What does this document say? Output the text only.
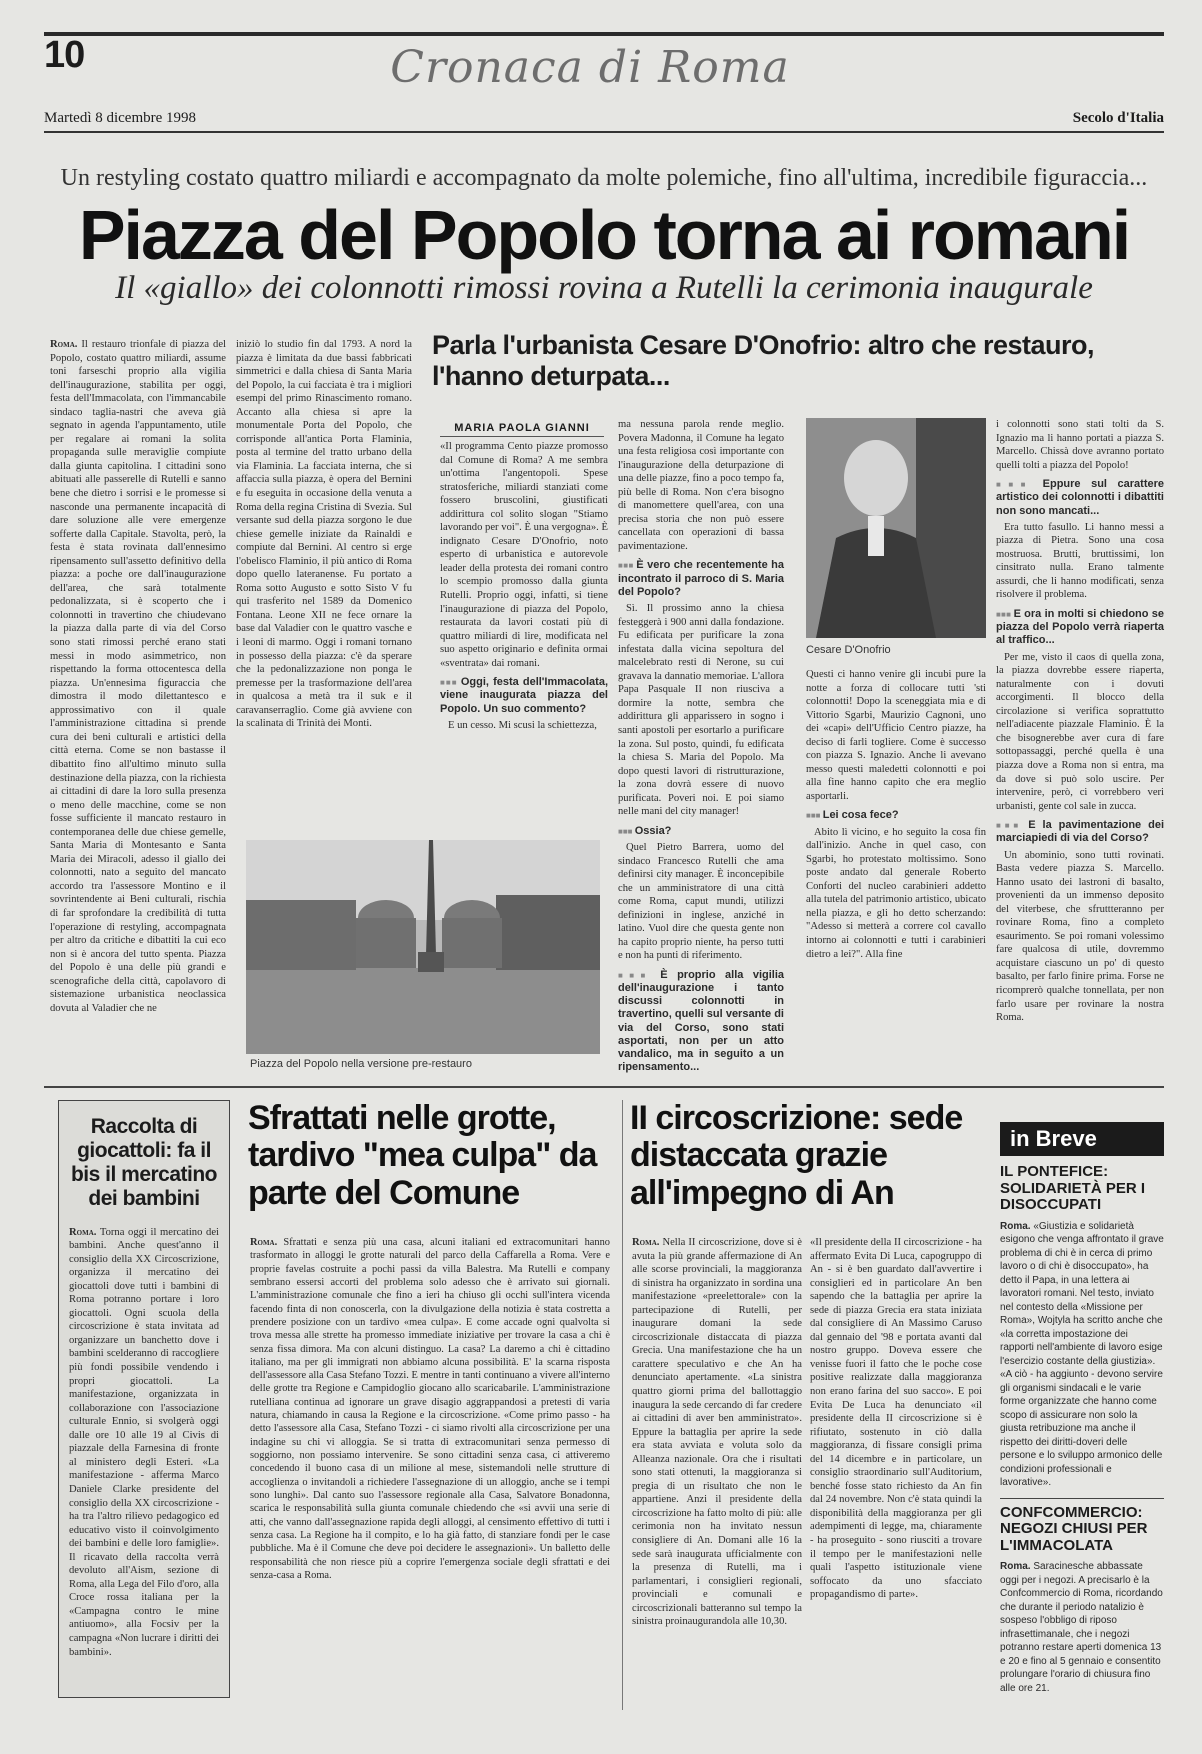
10	Cronaca di Roma
Martedì 8 dicembre 1998	Secolo d'Italia
Un restyling costato quattro miliardi e accompagnato da molte polemiche, fino all'ultima, incredibile figuraccia...
Piazza del Popolo torna ai romani
Il «giallo» dei colonnotti rimossi rovina a Rutelli la cerimonia inaugurale

Roma. Il restauro trionfale di piazza del Popolo, costato quattro miliardi, assume toni farseschi proprio alla vigilia dell'inaugurazione, stabilita per oggi, festa dell'Immacolata, con l'immancabile sindaco taglia-nastri che aveva già segnato in agenda l'appuntamento, utile per regalare ai romani la solita propaganda sulle meraviglie compiute dalla giunta capitolina. I cittadini sono abituati alle passerelle di Rutelli e sanno bene che dietro i sorrisi e le promesse si nasconde una permanente incapacità di dare soluzione alle vere emergenze sofferte dalla Capitale. Stavolta, però, la festa è stata rovinata dall'ennesimo ripensamento sull'assetto definitivo della piazza: a poche ore dall'inaugurazione dell'area, che sarà totalmente pedonalizzata, si è scoperto che i colonnotti in travertino che chiudevano la piazza dalla parte di via del Corso sono stati rimossi perché erano stati messi in modo asimmetrico, non rispettando la forma ottocentesca della piazza. Un'ennesima figuraccia che dimostra il modo dilettantesco e approssimativo con il quale l'amministrazione cittadina si prende cura dei beni culturali e artistici della città eterna. Come se non bastasse il dibattito fino all'ultimo minuto sulla destinazione della piazza, con la richiesta ai cittadini di dare la loro sulla presenza o meno delle macchine, come se non fosse sufficiente il mancato restauro in contemporanea delle due chiese gemelle, Santa Maria di Montesanto e Santa Maria dei Miracoli, adesso il giallo dei colonnotti, nato a seguito del mancato accordo tra l'assessore Montino e il sovrintendente ai Beni culturali, rischia di far sprofondare la credibilità di tutta l'operazione di restyling, accompagnata per altro da critiche e dibattiti la cui eco non si è ancora del tutto spenta. Piazza del Popolo è una delle più grandi e scenografiche della città, capolavoro di sistemazione urbanistica neoclassica dovuta al Valadier che ne

iniziò lo studio fin dal 1793. A nord la piazza è limitata da due bassi fabbricati simmetrici e dalla chiesa di Santa Maria del Popolo, la cui facciata è tra i migliori esempi del primo Rinascimento romano. Accanto alla chiesa si apre la monumentale Porta del Popolo, che corrisponde all'antica Porta Flaminia, posta al termine del tratto urbano della via Flaminia. La facciata interna, che si affaccia sulla piazza, è opera del Bernini e fu eseguita in occasione della venuta a Roma della regina Cristina di Svezia. Sul versante sud della piazza sorgono le due chiese gemelle iniziate da Rainaldi e compiute dal Bernini. Al centro si erge l'obelisco Flaminio, il più antico di Roma dopo quello lateranense. Fu portato a Roma sotto Augusto e sotto Sisto V fu qui trasferito nel 1589 da Domenico Fontana. Leone XII ne fece ornare la base dal Valadier con le quattro vasche e i leoni di marmo. Oggi i romani tornano in possesso della piazza: c'è da sperare che la pedonalizzazione non ponga le premesse per la trasformazione dell'area in qualcosa a metà tra il suk e il caravanserraglio. Come già avviene con la scalinata di Trinità dei Monti.

Piazza del Popolo nella versione pre-restauro
Parla l'urbanista Cesare D'Onofrio: altro che restauro, l'hanno deturpata...
MARIA PAOLA GIANNI

«Il programma Cento piazze promosso dal Comune di Roma? A me sembra un'ottima l'angentopoli. Spese stratosferiche, miliardi stanziati come fossero bruscolini, giustificati addirittura col solito slogan "Stiamo lavorando per voi". È una vergogna». È indignato Cesare D'Onofrio, noto esperto di urbanistica e autorevole leader della protesta dei romani contro lo scempio promosso dalla giunta Rutelli. Proprio oggi, infatti, si tiene l'inaugurazione di piazza del Popolo, restaurata da lavori costati più di quattro miliardi di lire, modificata nel suo aspetto originario e definita ormai «sventrata» dai romani.

■■■ Oggi, festa dell'Immacolata, viene inaugurata piazza del Popolo. Un suo commento?

E un cesso. Mi scusi la schiettezza,

ma nessuna parola rende meglio. Povera Madonna, il Comune ha legato una festa religiosa così importante con l'inaugurazione della deturpazione di una delle piazze, fino a poco tempo fa, più belle di Roma. Non c'era bisogno di manomettere quell'area, con una precisa storia che non può essere cancellata con operazioni di bassa pavimentazione.

■■■ È vero che recentemente ha incontrato il parroco di S. Maria del Popolo?

Sì. Il prossimo anno la chiesa festeggerà i 900 anni dalla fondazione. Fu edificata per purificare la zona infestata dalla vicina sepoltura del malcelebrato resti di Nerone, su cui gravava la dannatio memoriae. L'allora Papa Pasquale II non riusciva a dormire la notte, sembra che addirittura gli apparissero in sogno i santi apostoli per esortarlo a purificare la zona. Sul posto, quindi, fu edificata la chiesa S. Maria del Popolo. Ma dopo questi lavori di ristrutturazione, la zona dovrà essere di nuovo purificata. Poveri noi. E poi siamo nelle mani del city manager!

■■■ Ossia?

Quel Pietro Barrera, uomo del sindaco Francesco Rutelli che ama definirsi city manager. È inconcepibile che un amministratore di una città come Roma, caput mundi, utilizzi definizioni in inglese, anziché in latino. Vuol dire che questa gente non ha capito proprio niente, ha perso tutti e non ha punti di riferimento.

■■■ È proprio alla vigilia dell'inaugurazione i tanto discussi colonnotti in travertino, quelli sul versante di via del Corso, sono stati asportati, non per un atto vandalico, ma in seguito a un ripensamento...
Cesare D'Onofrio

Questi ci hanno venire gli incubi pure la notte a forza di collocare tutti 'sti colonnotti! Dopo la sceneggiata mia e di Vittorio Sgarbi, Maurizio Cagnoni, uno dei «capi» dell'Ufficio Centro piazze, ha deciso di farli togliere. Come è successo con piazza S. Ignazio. Anche li avevano messo questi maledetti colonnotti e poi alla fine hanno capito che era meglio asportarli.

■■■ Lei cosa fece?

Abito lì vicino, e ho seguito la cosa fin dall'inizio. Anche in quel caso, con Sgarbi, ho protestato moltissimo. Sono poste andato dal generale Roberto Conforti del nucleo carabinieri addetto alla tutela del patrimonio artistico, ubicato nella piazza, e gli ho detto scherzando: "Adesso si metterà a correre col cavallo intorno ai colonnotti e tutti i carabinieri dietro a lei?". Alla fine

i colonnotti sono stati tolti da S. Ignazio ma li hanno portati a piazza S. Marcello. Chissà dove avranno portato quelli tolti a piazza del Popolo!

■■■ Eppure sul carattere artistico dei colonnotti i dibattiti non sono mancati...

Era tutto fasullo. Li hanno messi a piazza di Pietra. Sono una cosa mostruosa. Brutti, bruttissimi, lon cinsitrato nulla. Erano talmente assurdi, che li hanno modificati, senza risolvere il problema.

■■■ E ora in molti si chiedono se piazza del Popolo verrà riaperta al traffico...

Per me, visto il caos di quella zona, la piazza dovrebbe essere riaperta, naturalmente con i dovuti accorgimenti. Il blocco della circolazione si verifica soprattutto nell'adiacente piazzale Flaminio. È la che bisognerebbe aver cura di fare sottopassaggi, perché quella è una piazza dove a Roma non si entra, ma da dove si può solo uscire. Per intervenire, però, ci vorrebbero veri urbanisti, gente col sale in zucca.

■■■ E la pavimentazione dei marciapiedi di via del Corso?

Un abominio, sono tutti rovinati. Basta vedere piazza S. Marcello. Hanno usato dei lastroni di basalto, provenienti da un immenso deposito del viterbese, che sfruttteranno per rovinare Roma, fino a completo esaurimento. Se poi romani volessimo fare qualcosa di utile, dovremmo acquistare ciascuno un po' di questo basalto, per farlo finire prima. Forse ne ricomprerò qualche tonnellata, per non farlo usare per rovinare la nostra Roma.

Raccolta di giocattoli: fa il bis il mercatino dei bambini

Roma. Torna oggi il mercatino dei bambini. Anche quest'anno il consiglio della XX Circoscrizione, organizza il mercatino dei giocattoli dove tutti i bambini di Roma potranno portare i loro giocattoli. Ogni scuola della circoscrizione è stata invitata ad organizzare un banchetto dove i bambini scelderanno di raccogliere più fondi possibile vendendo i propri giocattoli. La manifestazione, organizzata in collaborazione con l'associazione culturale Ennio, si svolgerà oggi dalle ore 10 alle 19 al Civis di piazzale della Farnesina di fronte al ministero degli Esteri. «La manifestazione - afferma Marco Daniele Clarke presidente del consiglio della XX circoscrizione - ha tra l'altro rilievo pedagogico ed educativo visto il coinvolgimento dei bambini e delle loro famiglie». Il ricavato della raccolta verrà devoluto all'Aism, sezione di Roma, alla Lega del Filo d'oro, alla Croce rossa italiana per la «Campagna contro le mine antiuomo», alla Focsiv per la campagna «Non lucrare i diritti dei bambini».

Sfrattati nelle grotte, tardivo "mea culpa" da parte del Comune

Roma. Sfrattati e senza più una casa, alcuni italiani ed extracomunitari hanno trasformato in alloggi le grotte naturali del parco della Caffarella a Roma. Vere e proprie favelas costruite a pochi passi da villa Balestra. Ma Rutelli e company sembrano essersi accorti del problema solo adesso che è arrivato sui giornali. L'amministrazione comunale che fino a ieri ha chiuso gli occhi sull'intera vicenda facendo finta di non conoscerla, con la divulgazione della notizia è stata costretta a prendere posizione con un tardivo «mea culpa». E come accade ogni qualvolta si trova messa alle strette ha promesso immediate iniziative per trovare la casa a chi è senza fissa dimora. Ma con alcuni distinguo. La casa? La daremo a chi è cittadino italiano, ma per gli immigrati non abbiamo alcuna possibilità. E' la scarna risposta dell'assessore alla Casa Stefano Tozzi. E mentre in tanti continuano a vivere all'interno delle grotte tra Regione e Campidoglio giocano allo scaricabarile. L'amministrazione rutelliana continua ad ignorare un grave disagio aggrappandosi a pretesti di varia natura, chiamando in causa la Regione e la circoscrizione. «Come primo passo - ha detto l'assessore alla Casa, Stefano Tozzi - ci siamo rivolti alla circoscrizione per una indagine su chi vi alloggia. Se si tratta di extracomunitari senza permesso di soggiorno, non possiamo intervenire. Se sono cittadini senza casa, ci attiveremo concedendo il buono casa di un milione al mese, sistemandoli nelle strutture di accoglienza o invitandoli a richiedere l'assegnazione di un alloggio, anche se i tempi sono lunghi». Dal canto suo l'assessore regionale alla Casa, Salvatore Bonadonna, scarica le responsabilità sulla giunta comunale chiedendo che «si avvii una serie di atti, che vanno dall'assegnazione rapida degli alloggi, al censimento effettivo di tutti i senza casa. La Regione ha il compito, e lo ha già fatto, di stanziare fondi per le case pubbliche. Ma è il Comune che deve poi decidere le assegnazioni». Un balletto delle responsabilità che non riesce più a coprire l'emergenza sociale degli sfrattati e dei senza-casa a Roma.

II circoscrizione: sede distaccata grazie all'impegno di An

Roma. Nella II circoscrizione, dove si è avuta la più grande affermazione di An alle scorse provinciali, la maggioranza di sinistra ha organizzato in sordina una manifestazione «preelettorale» con la partecipazione di Rutelli, per inaugurare domani la sede circoscrizionale distaccata di piazza Grecia. Una manifestazione che ha un carattere speculativo e che An ha denunciato apertamente. «La sinistra quattro giorni prima del ballottaggio inaugura la sede cercando di far credere ai cittadini di aver ben amministrato». Eppure la battaglia per aprire la sede era stata avviata e voluta solo da Alleanza nazionale. Ora che i risultati sono stati ottenuti, la maggioranza si pregia di un risultato che non le appartiene. Anzi il presidente della circoscrizione ha fatto molto di più: alle cerimonia non ha invitato nessun consigliere di An. Domani alle 16 la sede sarà inaugurata ufficialmente con la presenza di Rutelli, ma i parlamentari, i consiglieri regionali, provinciali e comunali e circoscrizionali batteranno sul tempo la sinistra proinaugurandola alle 10,30.

«Il presidente della II circoscrizione - ha affermato Evita Di Luca, capogruppo di An - si è ben guardato dall'avvertire i consiglieri ed in particolare An ben sapendo che la battaglia per aprire la sede di piazza Grecia era stata iniziata dal consigliere di An Massimo Caruso dal gennaio del '98 e portata avanti dal nostro gruppo. Doveva essere che venisse fuori il fatto che le poche cose positive realizzate dalla maggioranza non erano farina del suo sacco». E poi Evita De Luca ha denunciato «il presidente della II circoscrizione si è rifiutato, sostenuto in ciò dalla maggioranza, di fissare consigli prima del 14 dicembre e in particolare, un consiglio straordinario sull'Auditorium, benché fosse stato richiesto da An fin dal 24 novembre. Non c'è stata quindi la disponibilità della maggioranza per gli adempimenti di legge, ma, chiaramente - ha proseguito - sono riusciti a trovare il tempo per le manifestazioni nelle quali l'aspetto istituzionale viene soffocato da uno sfacciato propagandismo di parte».

in Breve
IL PONTEFICE: SOLIDARIETÀ PER I DISOCCUPATI
Roma. «Giustizia e solidarietà esigono che venga affrontato il grave problema di chi è in cerca di primo lavoro o di chi è disoccupato», ha detto il Papa, in una lettera ai lavoratori romani. Nel testo, inviato nel contesto della «Missione per Roma», Wojtyla ha scritto anche che «la corretta impostazione dei rapporti nell'ambiente di lavoro esige l'esercizio costante della giustizia». «A ciò - ha aggiunto - devono servire gli organismi sindacali e le varie forme organizzate che hanno come scopo di assicurare non solo la giusta retribuzione ma anche il rispetto dei diritti-doveri delle persone e lo sviluppo armonico delle condizioni professionali e lavorative».
CONFCOMMERCIO: NEGOZI CHIUSI PER L'IMMACOLATA
Roma. Saracinesche abbassate oggi per i negozi. A precisarlo è la Confcommercio di Roma, ricordando che durante il periodo natalizio è sospeso l'obbligo di riposo infrasettimanale, che i negozi potranno restare aperti domenica 13 e 20 e fino al 5 gennaio e consentito prolungare l'orario di chiusura fino alle ore 21.
